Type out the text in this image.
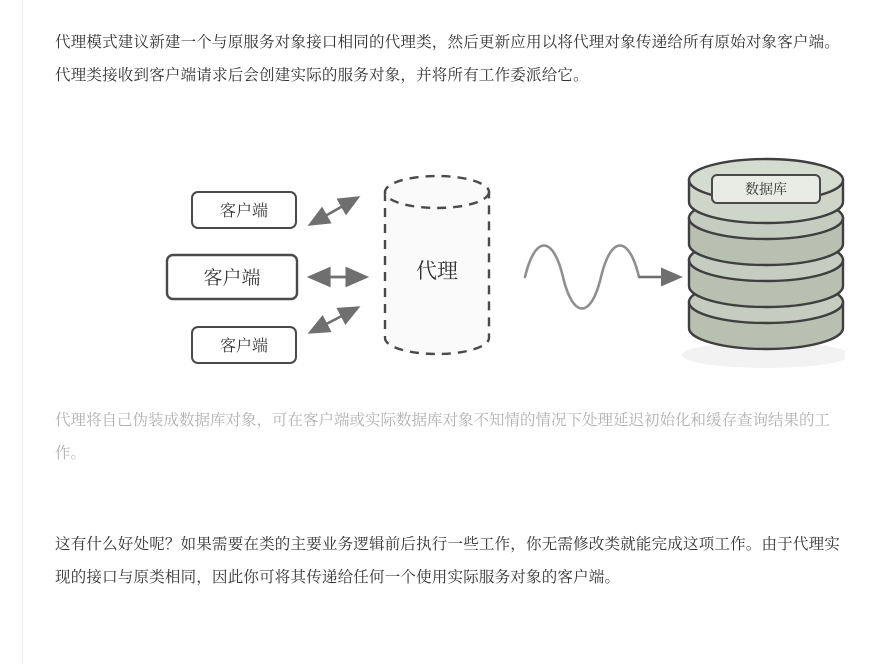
代理模式建议新建一个与原服务对象接口相同的代理类，然后更新应用以将代理对象传递给所有原始对象客户端。代理类接收到客户端请求后会创建实际的服务对象，并将所有工作委派给它。

客户端
客户端
客户端
代理
数据库

代理将自己伪装成数据库对象，可在客户端或实际数据库对象不知情的情况下处理延迟初始化和缓存查询结果的工作。

这有什么好处呢？如果需要在类的主要业务逻辑前后执行一些工作，你无需修改类就能完成这项工作。由于代理实现的接口与原类相同，因此你可将其传递给任何一个使用实际服务对象的客户端。
